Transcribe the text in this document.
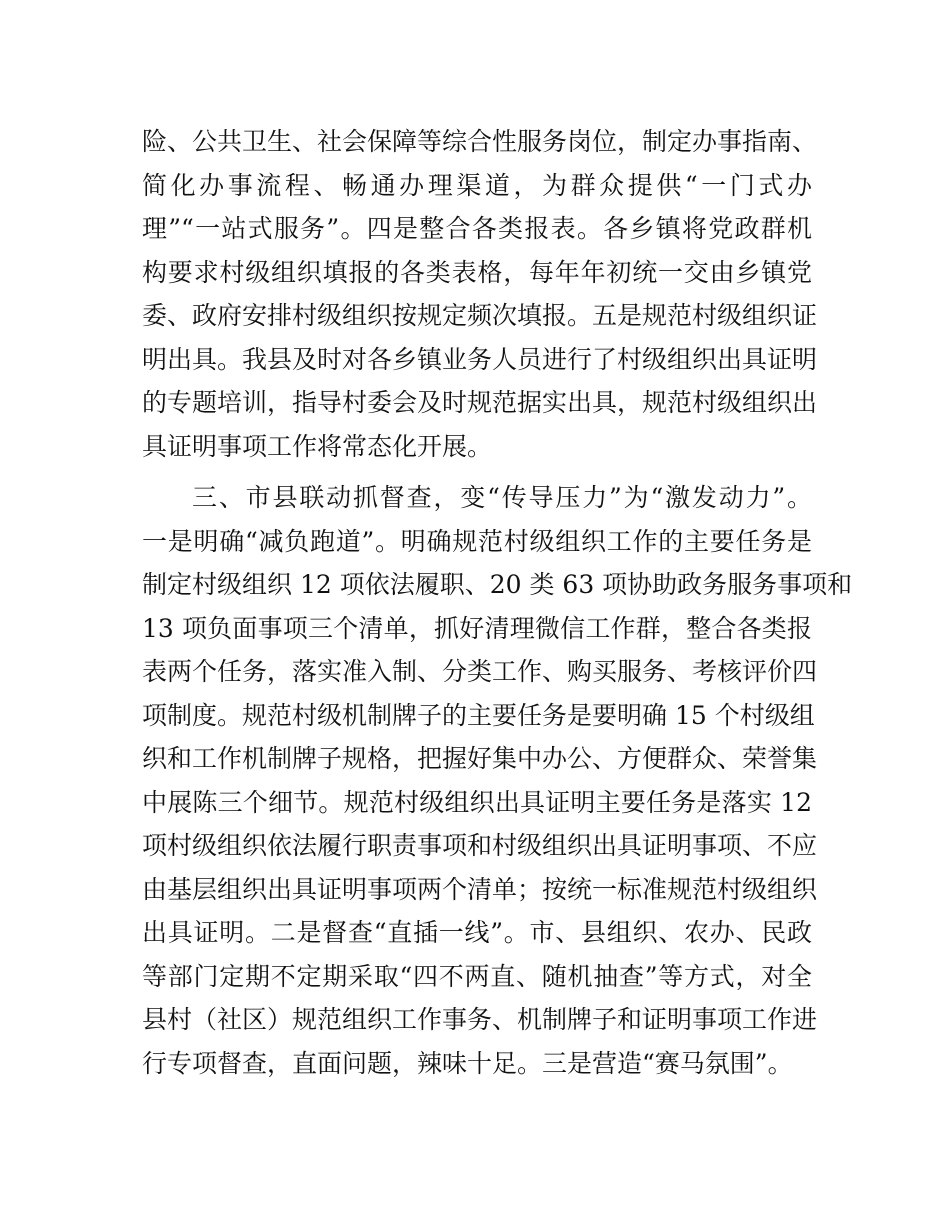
险、公共卫生、社会保障等综合性服务岗位，制定办事指南、
简化办事流程、畅通办理渠道，为群众提供“一门式办
理”“一站式服务”。四是整合各类报表。各乡镇将党政群机
构要求村级组织填报的各类表格，每年年初统一交由乡镇党
委、政府安排村级组织按规定频次填报。五是规范村级组织证
明出具。我县及时对各乡镇业务人员进行了村级组织出具证明
的专题培训，指导村委会及时规范据实出具，规范村级组织出
具证明事项工作将常态化开展。
三、市县联动抓督查，变“传导压力”为“激发动力”。
一是明确“减负跑道”。明确规范村级组织工作的主要任务是
制定村级组织 12 项依法履职、20 类 63 项协助政务服务事项和
13 项负面事项三个清单，抓好清理微信工作群，整合各类报
表两个任务，落实准入制、分类工作、购买服务、考核评价四
项制度。规范村级机制牌子的主要任务是要明确 15 个村级组
织和工作机制牌子规格，把握好集中办公、方便群众、荣誉集
中展陈三个细节。规范村级组织出具证明主要任务是落实 12
项村级组织依法履行职责事项和村级组织出具证明事项、不应
由基层组织出具证明事项两个清单；按统一标准规范村级组织
出具证明。二是督查“直插一线”。市、县组织、农办、民政
等部门定期不定期采取“四不两直、随机抽查”等方式，对全
县村（社区）规范组织工作事务、机制牌子和证明事项工作进
行专项督查，直面问题，辣味十足。三是营造“赛马氛围”。
